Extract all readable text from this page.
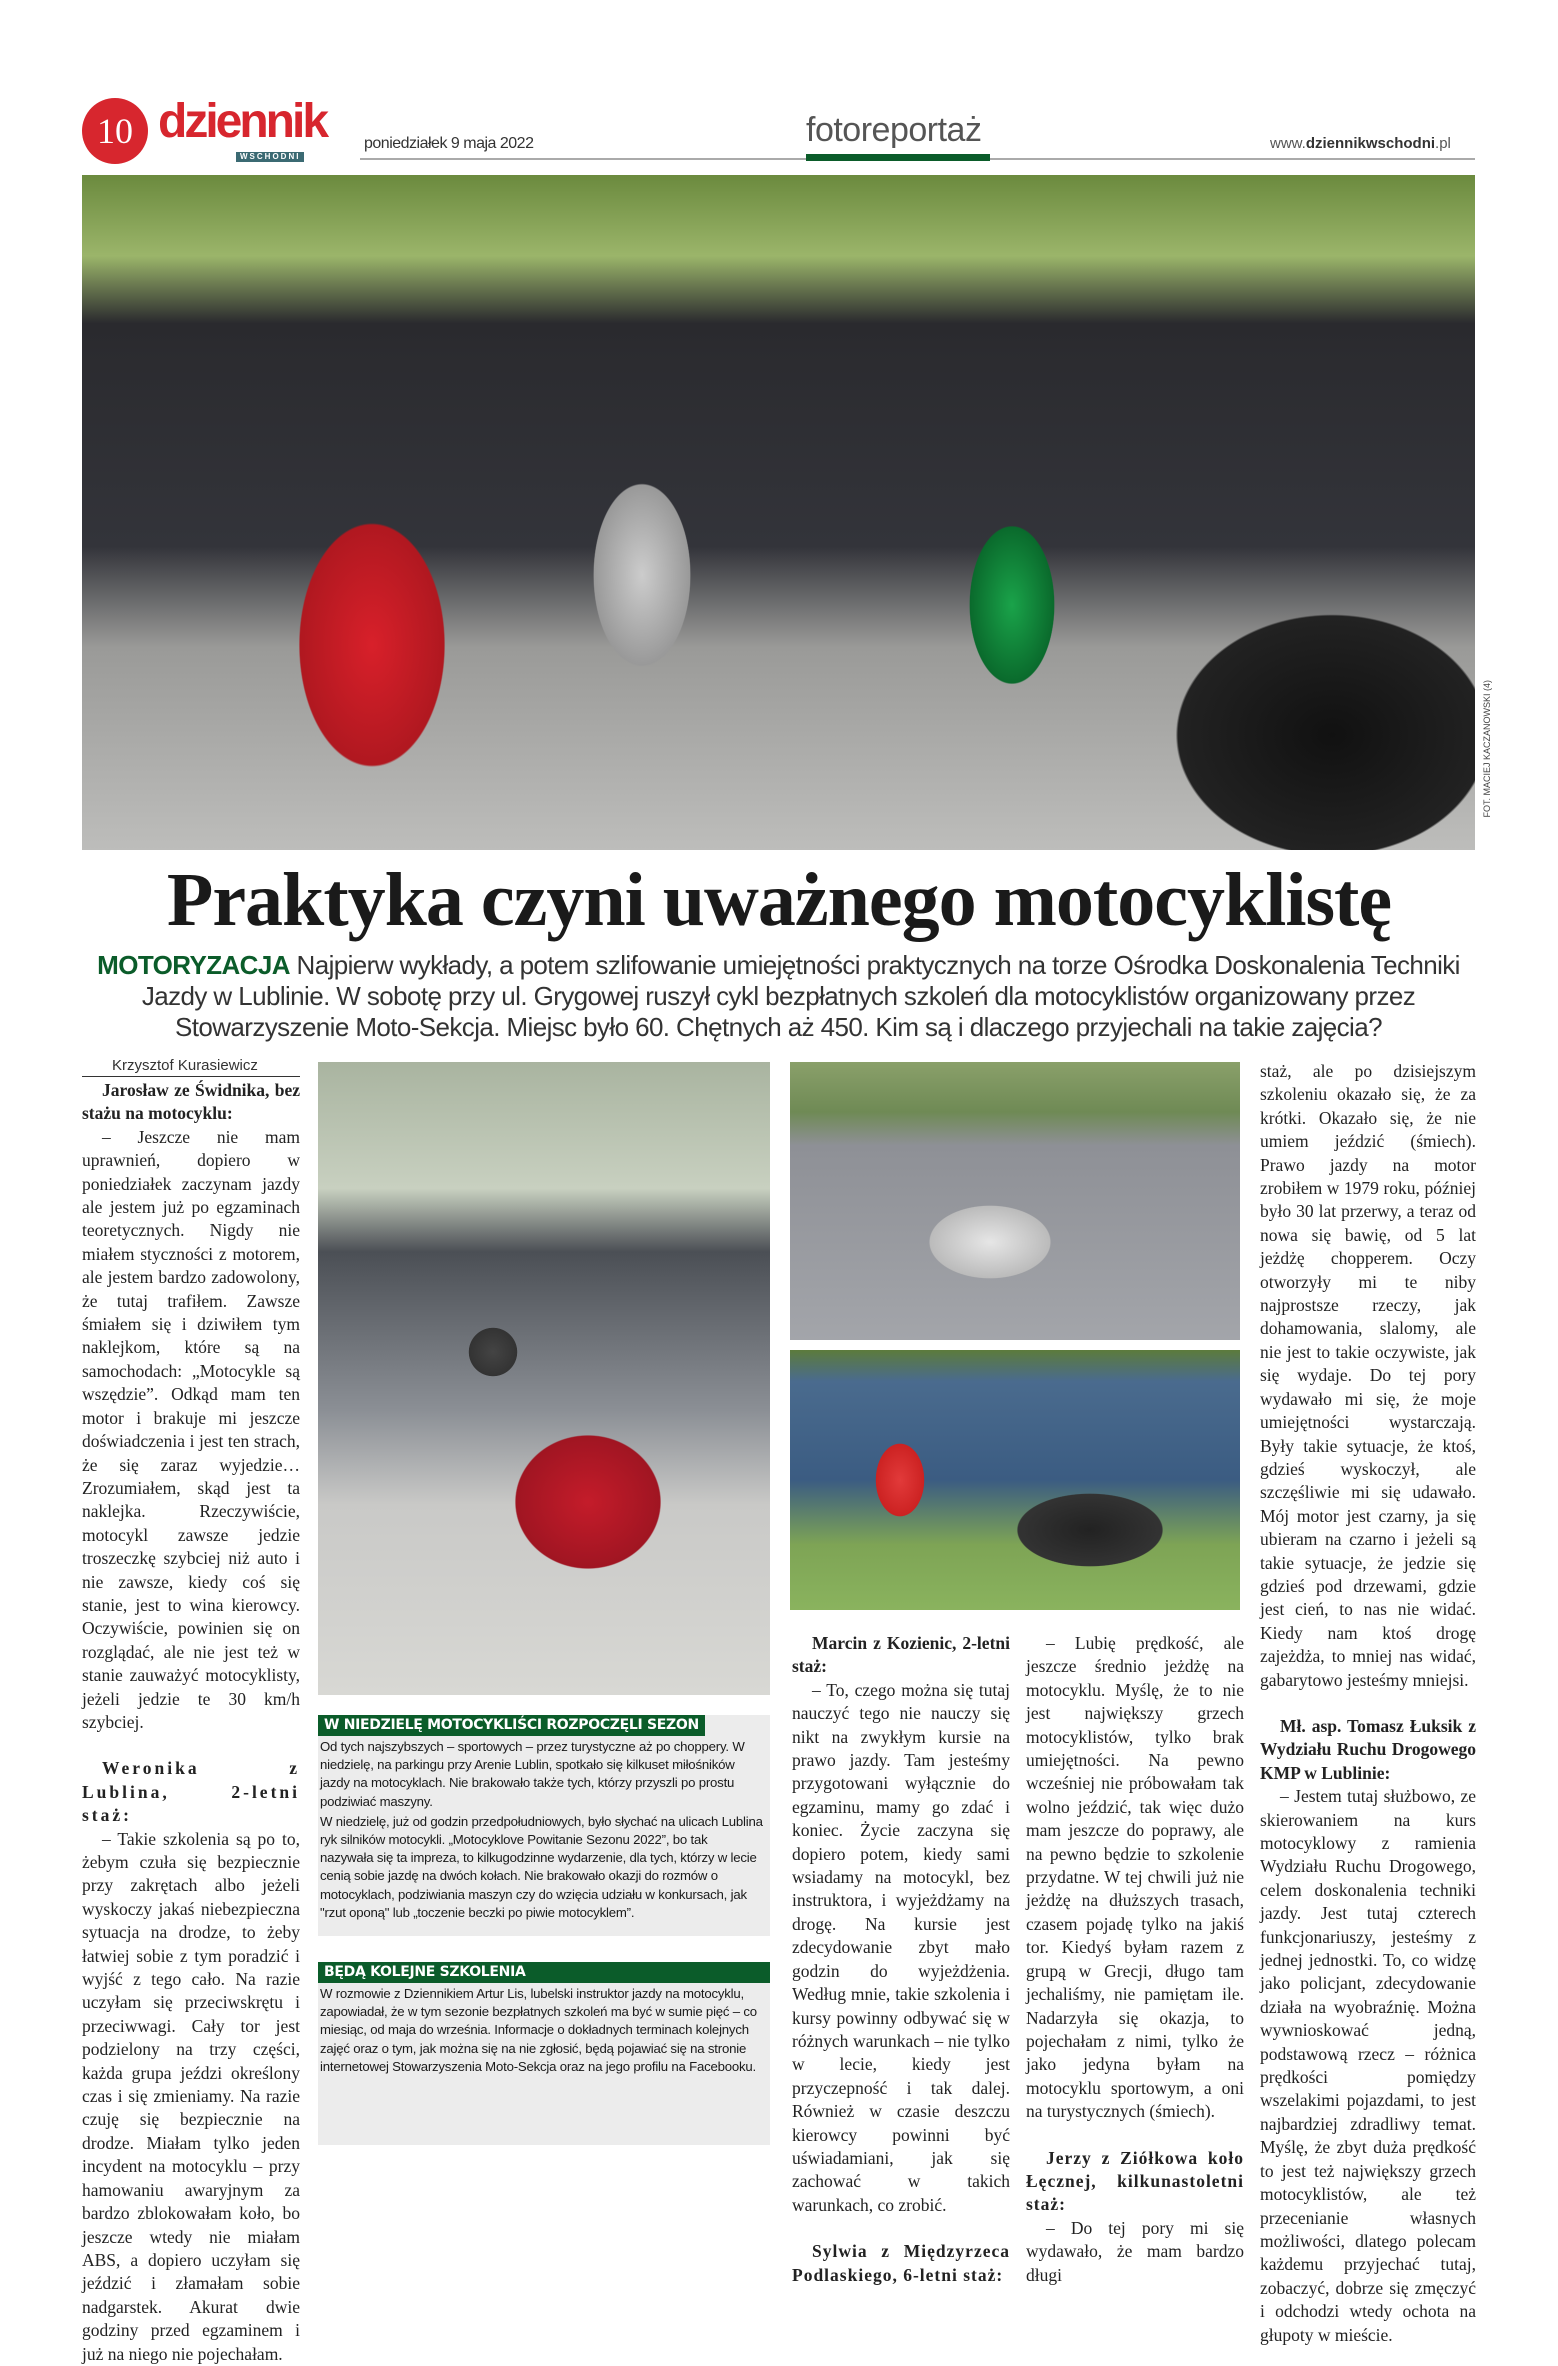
10 dziennik
WSCHODNI
poniedziałek 9 maja 2022	fotoreportaż	www.dziennikwschodni.pl
FOT. MACIEJ KACZANOWSKI (4)
Praktyka czyni uważnego motocyklistę
MOTORYZACJA Najpierw wykłady, a potem szlifowanie umiejętności praktycznych na torze Ośrodka Doskonalenia Techniki Jazdy w Lublinie. W sobotę przy ul. Grygowej ruszył cykl bezpłatnych szkoleń dla motocyklistów organizowany przez Stowarzyszenie Moto-Sekcja. Miejsc było 60. Chętnych aż 450. Kim są i dlaczego przyjechali na takie zajęcia?
Krzysztof Kurasiewicz

Jarosław ze Świdnika, bez stażu na motocyklu:

– Jeszcze nie mam uprawnień, dopiero w poniedziałek zaczynam jazdy ale jestem już po egzaminach teoretycznych. Nigdy nie miałem styczności z motorem, ale jestem bardzo zadowolony, że tutaj trafiłem. Zawsze śmiałem się i dziwiłem tym naklejkom, które są na samochodach: „Motocykle są wszędzie”. Odkąd mam ten motor i brakuje mi jeszcze doświadczenia i jest ten strach, że się zaraz wyjedzie… Zrozumiałem, skąd jest ta naklejka. Rzeczywiście, motocykl zawsze jedzie troszeczkę szybciej niż auto i nie zawsze, kiedy coś się stanie, jest to wina kierowcy. Oczywiście, powinien się on rozglądać, ale nie jest też w stanie zauważyć motocyklisty, jeżeli jedzie te 30 km/h szybciej.

Weronika z Lublina, 2-letni staż:

– Takie szkolenia są po to, żebym czuła się bezpiecznie przy zakrętach albo jeżeli wyskoczy jakaś niebezpieczna sytuacja na drodze, to żeby łatwiej sobie z tym poradzić i wyjść z tego cało. Na razie uczyłam się przeciwskrętu i przeciwwagi. Cały tor jest podzielony na trzy części, każda grupa jeździ określony czas i się zmieniamy. Na razie czuję się bezpiecznie na drodze. Miałam tylko jeden incydent na motocyklu – przy hamowaniu awaryjnym za bardzo zblokowałam koło, bo jeszcze wtedy nie miałam ABS, a dopiero uczyłam się jeździć i złamałam sobie nadgarstek. Akurat dwie godziny przed egzaminem i już na niego nie pojechałam.

W NIEDZIELĘ MOTOCYKLIŚCI ROZPOCZĘLI SEZON
Od tych najszybszych – sportowych – przez turystyczne aż po choppery. W niedzielę, na parkingu przy Arenie Lublin, spotkało się kilkuset miłośników jazdy na motocyklach. Nie brakowało także tych, którzy przyszli po prostu podziwiać maszyny.
W niedzielę, już od godzin przedpołudniowych, było słychać na ulicach Lublina ryk silników motocykli. „Motocyklove Powitanie Sezonu 2022”, bo tak nazywała się ta impreza, to kilkugodzinne wydarzenie, dla tych, którzy w lecie cenią sobie jazdę na dwóch kołach. Nie brakowało okazji do rozmów o motocyklach, podziwiania maszyn czy do wzięcia udziału w konkursach, jak "rzut oponą" lub „toczenie beczki po piwie motocyklem”.
BĘDĄ KOLEJNE SZKOLENIA
W rozmowie z Dziennikiem Artur Lis, lubelski instruktor jazdy na motocyklu, zapowiadał, że w tym sezonie bezpłatnych szkoleń ma być w sumie pięć – co miesiąc, od maja do września. Informacje o dokładnych terminach kolejnych zajęć oraz o tym, jak można się na nie zgłosić, będą pojawiać się na stronie internetowej Stowarzyszenia Moto-Sekcja oraz na jego profilu na Facebooku.

Marcin z Kozienic, 2-letni staż:

– To, czego można się tutaj nauczyć tego nie nauczy się nikt na zwykłym kursie na prawo jazdy. Tam jesteśmy przygotowani wyłącznie do egzaminu, mamy go zdać i koniec. Życie zaczyna się dopiero potem, kiedy sami wsiadamy na motocykl, bez instruktora, i wyjeżdżamy na drogę. Na kursie jest zdecydowanie zbyt mało godzin do wyjeżdżenia. Według mnie, takie szkolenia i kursy powinny odbywać się w różnych warunkach – nie tylko w lecie, kiedy jest przyczepność i tak dalej. Również w czasie deszczu kierowcy powinni być uświadamiani, jak się zachować w takich warunkach, co zrobić.

Sylwia z Międzyrzeca Podlaskiego, 6-letni staż:

– Lubię prędkość, ale jeszcze średnio jeżdżę na motocyklu. Myślę, że to nie jest największy grzech motocyklistów, tylko brak umiejętności. Na pewno wcześniej nie próbowałam tak wolno jeździć, tak więc dużo mam jeszcze do poprawy, ale na pewno będzie to szkolenie przydatne. W tej chwili już nie jeżdżę na dłuższych trasach, czasem pojadę tylko na jakiś tor. Kiedyś byłam razem z grupą w Grecji, długo tam jechaliśmy, nie pamiętam ile. Nadarzyła się okazja, to pojechałam z nimi, tylko że jako jedyna byłam na motocyklu sportowym, a oni na turystycznych (śmiech).

Jerzy z Ziółkowa koło Łęcznej, kilkunastoletni staż:

– Do tej pory mi się wydawało, że mam bardzo długi

staż, ale po dzisiejszym szkoleniu okazało się, że za krótki. Okazało się, że nie umiem jeździć (śmiech). Prawo jazdy na motor zrobiłem w 1979 roku, później było 30 lat przerwy, a teraz od nowa się bawię, od 5 lat jeżdżę chopperem. Oczy otworzyły mi te niby najprostsze rzeczy, jak dohamowania, slalomy, ale nie jest to takie oczywiste, jak się wydaje. Do tej pory wydawało mi się, że moje umiejętności wystarczają. Były takie sytuacje, że ktoś, gdzieś wyskoczył, ale szczęśliwie mi się udawało. Mój motor jest czarny, ja się ubieram na czarno i jeżeli są takie sytuacje, że jedzie się gdzieś pod drzewami, gdzie jest cień, to nas nie widać. Kiedy nam ktoś drogę zajeżdża, to mniej nas widać, gabarytowo jesteśmy mniejsi.

Mł. asp. Tomasz Łuksik z Wydziału Ruchu Drogowego KMP w Lublinie:

– Jestem tutaj służbowo, ze skierowaniem na kurs motocyklowy z ramienia Wydziału Ruchu Drogowego, celem doskonalenia techniki jazdy. Jest tutaj czterech funkcjonariuszy, jesteśmy z jednej jednostki. To, co widzę jako policjant, zdecydowanie działa na wyobraźnię. Można wywnioskować jedną, podstawową rzecz – różnica prędkości pomiędzy wszelakimi pojazdami, to jest najbardziej zdradliwy temat. Myślę, że zbyt duża prędkość to jest też największy grzech motocyklistów, ale też przecenianie własnych możliwości, dlatego polecam każdemu przyjechać tutaj, zobaczyć, dobrze się zmęczyć i odchodzi wtedy ochota na głupoty w mieście.
